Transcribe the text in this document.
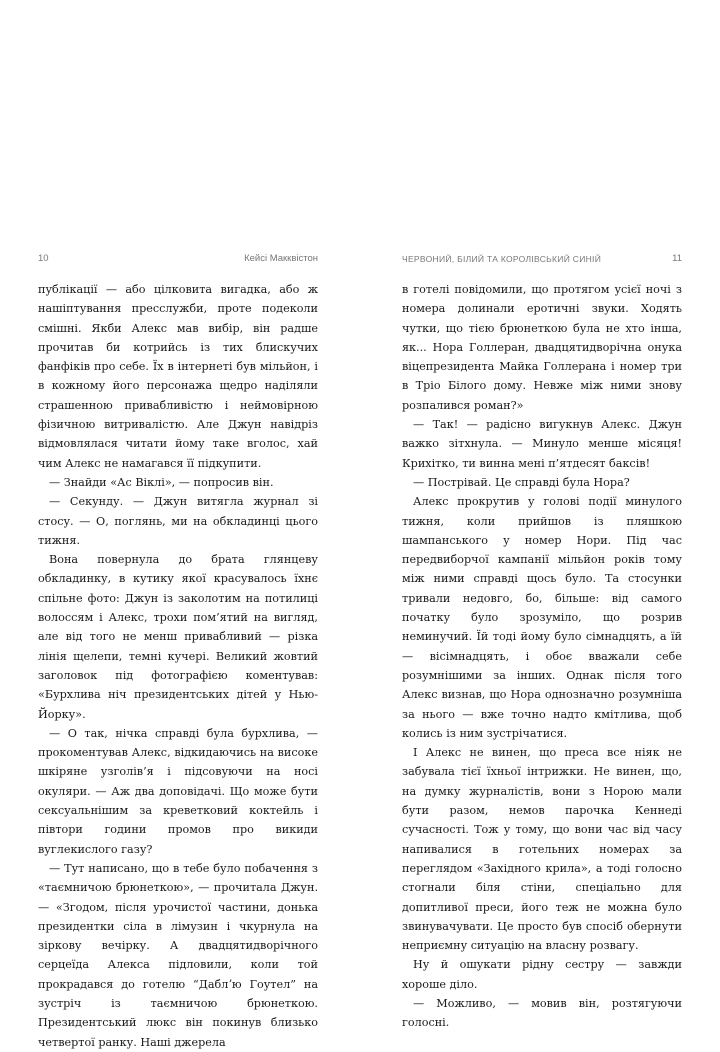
10	Кейсі Макквістон

публікації — або цілковита вигадка, або ж нашіптування пресслужби, проте подеколи смішні. Якби Алекс мав вибір, він радше прочитав би котрийсь із тих блискучих фанфіків про себе. Їх в інтернеті був мільйон, і в кожному його персонажа щедро наділяли страшенною привабливістю і неймовірною фізичною витривалістю. Але Джун навідріз відмовлялася читати йому таке вголос, хай чим Алекс не намагався її підкупити.

— Знайди «Ас Віклі», — попросив він.

— Секунду. — Джун витягла журнал зі стосу. — О, поглянь, ми на обкладинці цього тижня.

Вона повернула до брата глянцеву обкладинку, в кутику якої красувалось їхнє спільне фото: Джун із заколотим на потилиці волоссям і Алекс, трохи пом’ятий на вигляд, але від того не менш привабливий — різка лінія щелепи, темні кучері. Великий жовтий заголовок під фотографією коментував: «Бурхлива ніч президентських дітей у Нью-Йорку».

— О так, нічка справді була бурхлива, — прокоментував Алекс, відкидаючись на високе шкіряне узголів’я і підсовуючи на носі окуляри. — Аж два доповідачі. Що може бути сексуальнішим за креветковий коктейль і півтори години промов про викиди вуглекислого газу?

— Тут написано, що в тебе було побачення з «таємничою брюнеткою», — прочитала Джун. — «Згодом, після урочистої частини, донька президентки сіла в лімузин і чкурнула на зіркову вечірку. А двадцятидворічного серцеїда Алекса підловили, коли той прокрадався до готелю “Даблʼю Гоутел” на зустріч із таємничою брюнеткою. Президентський люкс він покинув близько четвертої ранку. Наші джерела

ЧЕРВОНИЙ, БІЛИЙ ТА КОРОЛІВСЬКИЙ СИНІЙ	11

в готелі повідомили, що протягом усієї ночі з номера долинали еротичні звуки. Ходять чутки, що тією брюнеткою була не хто інша, як... Нора Голлеран, двадцятидворічна онука віцепрезидента Майка Голлерана і номер три в Тріо Білого дому. Невже між ними знову розпалився роман?»

— Так! — радісно вигукнув Алекс. Джун важко зітхнула. — Минуло менше місяця! Крихітко, ти винна мені п’ятдесят баксів!

— Пострівай. Це справді була Нора?

Алекс прокрутив у голові події минулого тижня, коли прийшов із пляшкою шампанського у номер Нори. Під час передвиборчої кампанії мільйон років тому між ними справді щось було. Та стосунки тривали недовго, бо, більше: від самого початку було зрозуміло, що розрив неминучий. Їй тоді йому було сімнадцять, а їй — вісімнадцять, і обоє вважали себе розумнішими за інших. Однак після того Алекс визнав, що Нора однозначно розумніша за нього — вже точно надто кмітлива, щоб колись із ним зустрічатися.

І Алекс не винен, що преса все ніяк не забувала тієї їхньої інтрижки. Не винен, що, на думку журналістів, вони з Норою мали бути разом, немов парочка Кеннеді сучасності. Тож у тому, що вони час від часу напивалися в готельних номерах за переглядом «Західного крила», а тоді голосно стогнали біля стіни, спеціально для допитливої преси, його теж не можна було звинувачувати. Це просто був спосіб обернути неприємну ситуацію на власну розвагу.

Ну й ошукати рідну сестру — завжди хороше діло.

— Можливо, — мовив він, розтягуючи голосні.
